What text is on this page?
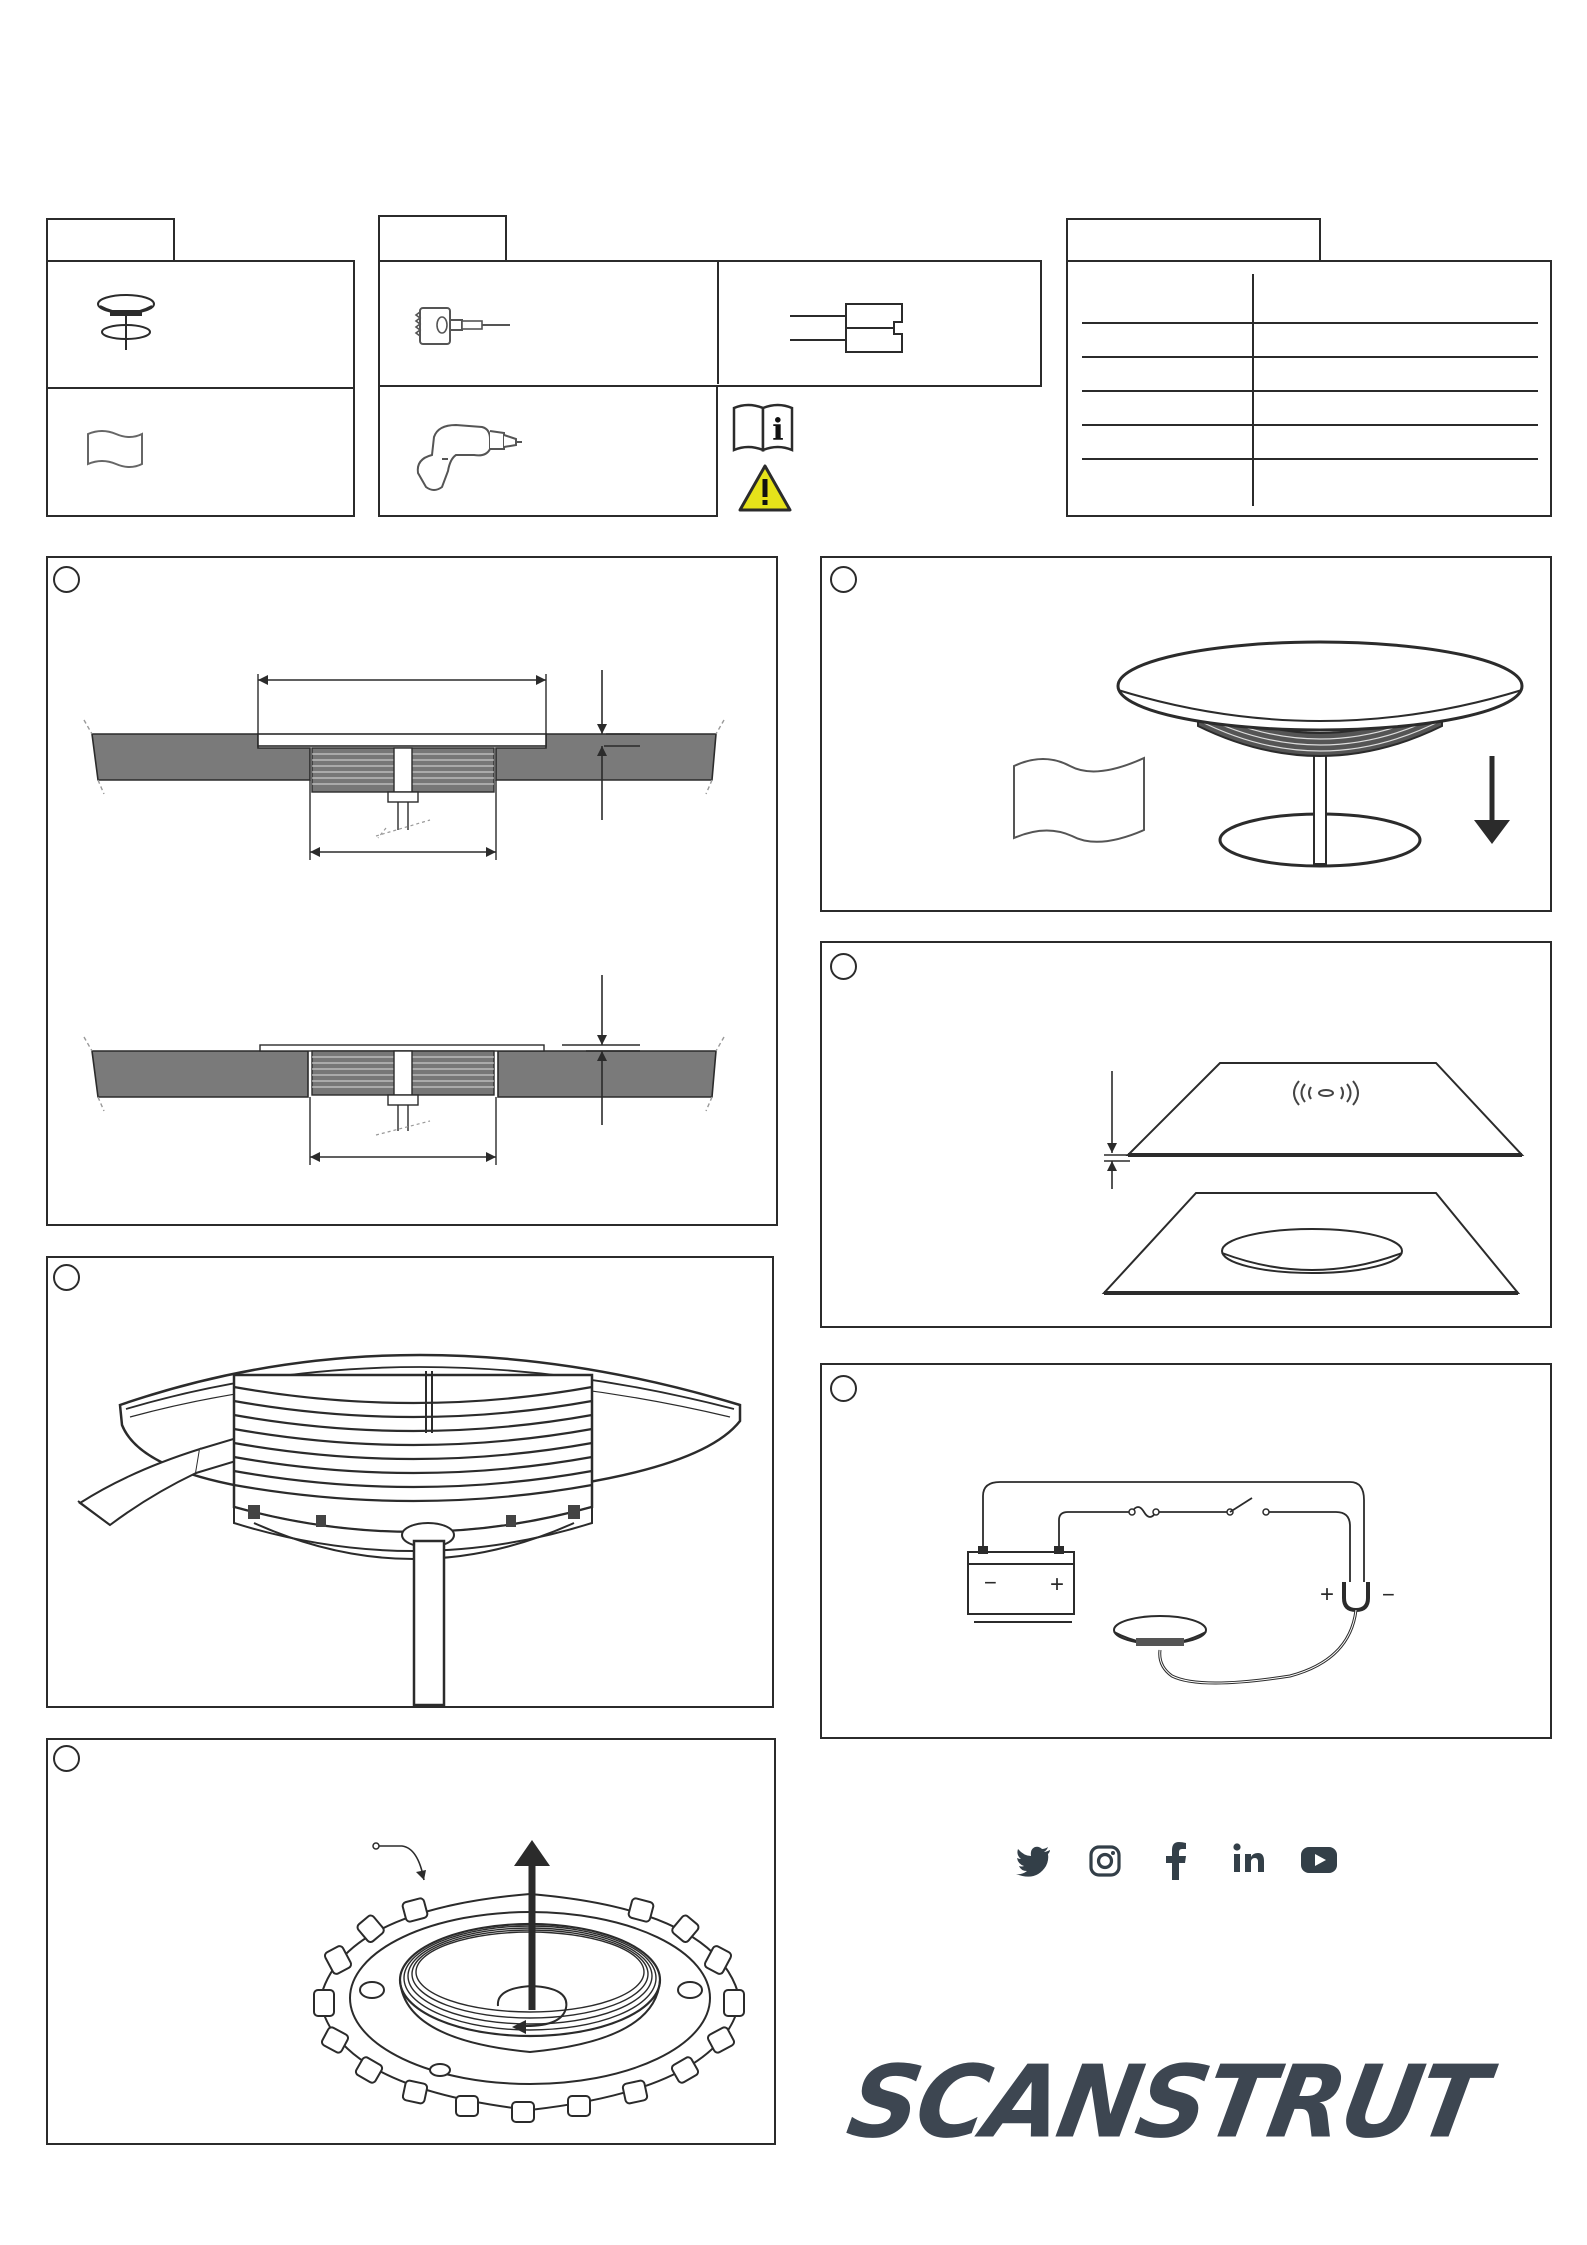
i
− +	+ −
SCANSTRUT
